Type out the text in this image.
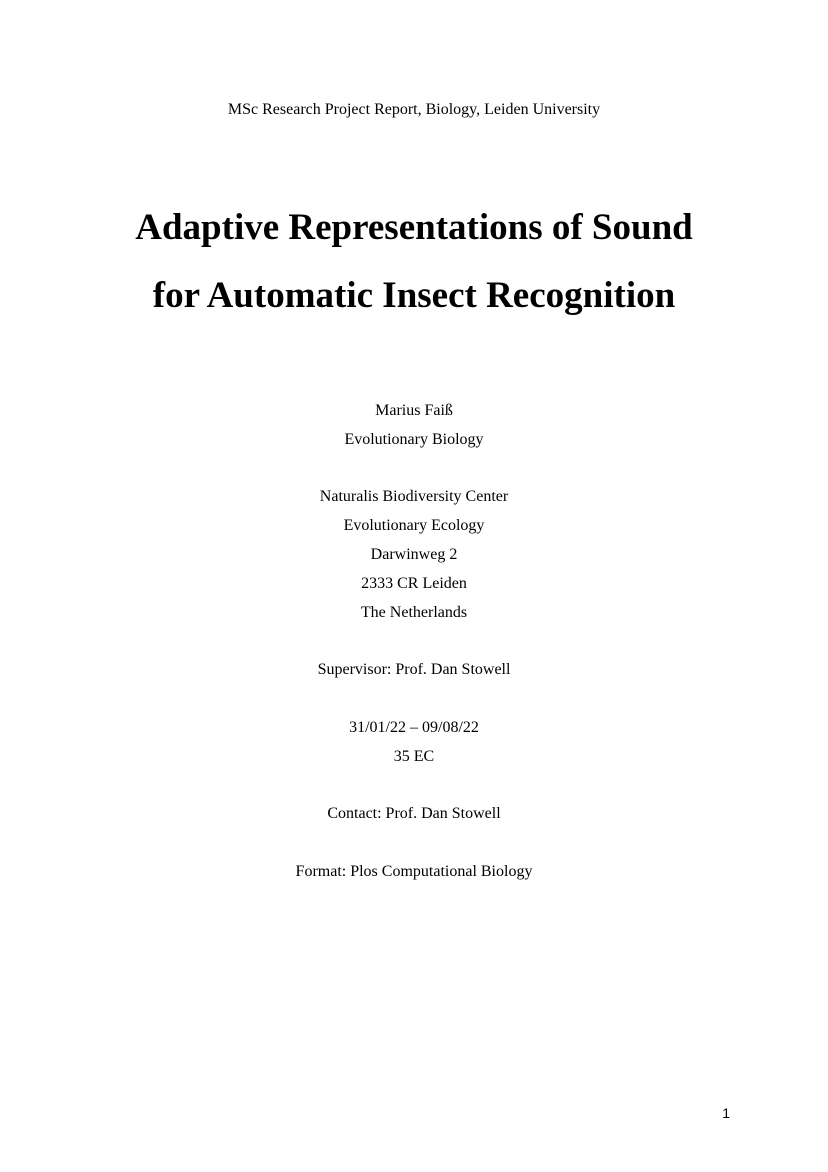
MSc Research Project Report, Biology, Leiden University
Adaptive Representations of Sound
for Automatic Insect Recognition
Marius Faiß
Evolutionary Biology
Naturalis Biodiversity Center
Evolutionary Ecology
Darwinweg 2
2333 CR Leiden
The Netherlands
Supervisor: Prof. Dan Stowell
31/01/22 – 09/08/22
35 EC
Contact: Prof. Dan Stowell
Format: Plos Computational Biology
1
